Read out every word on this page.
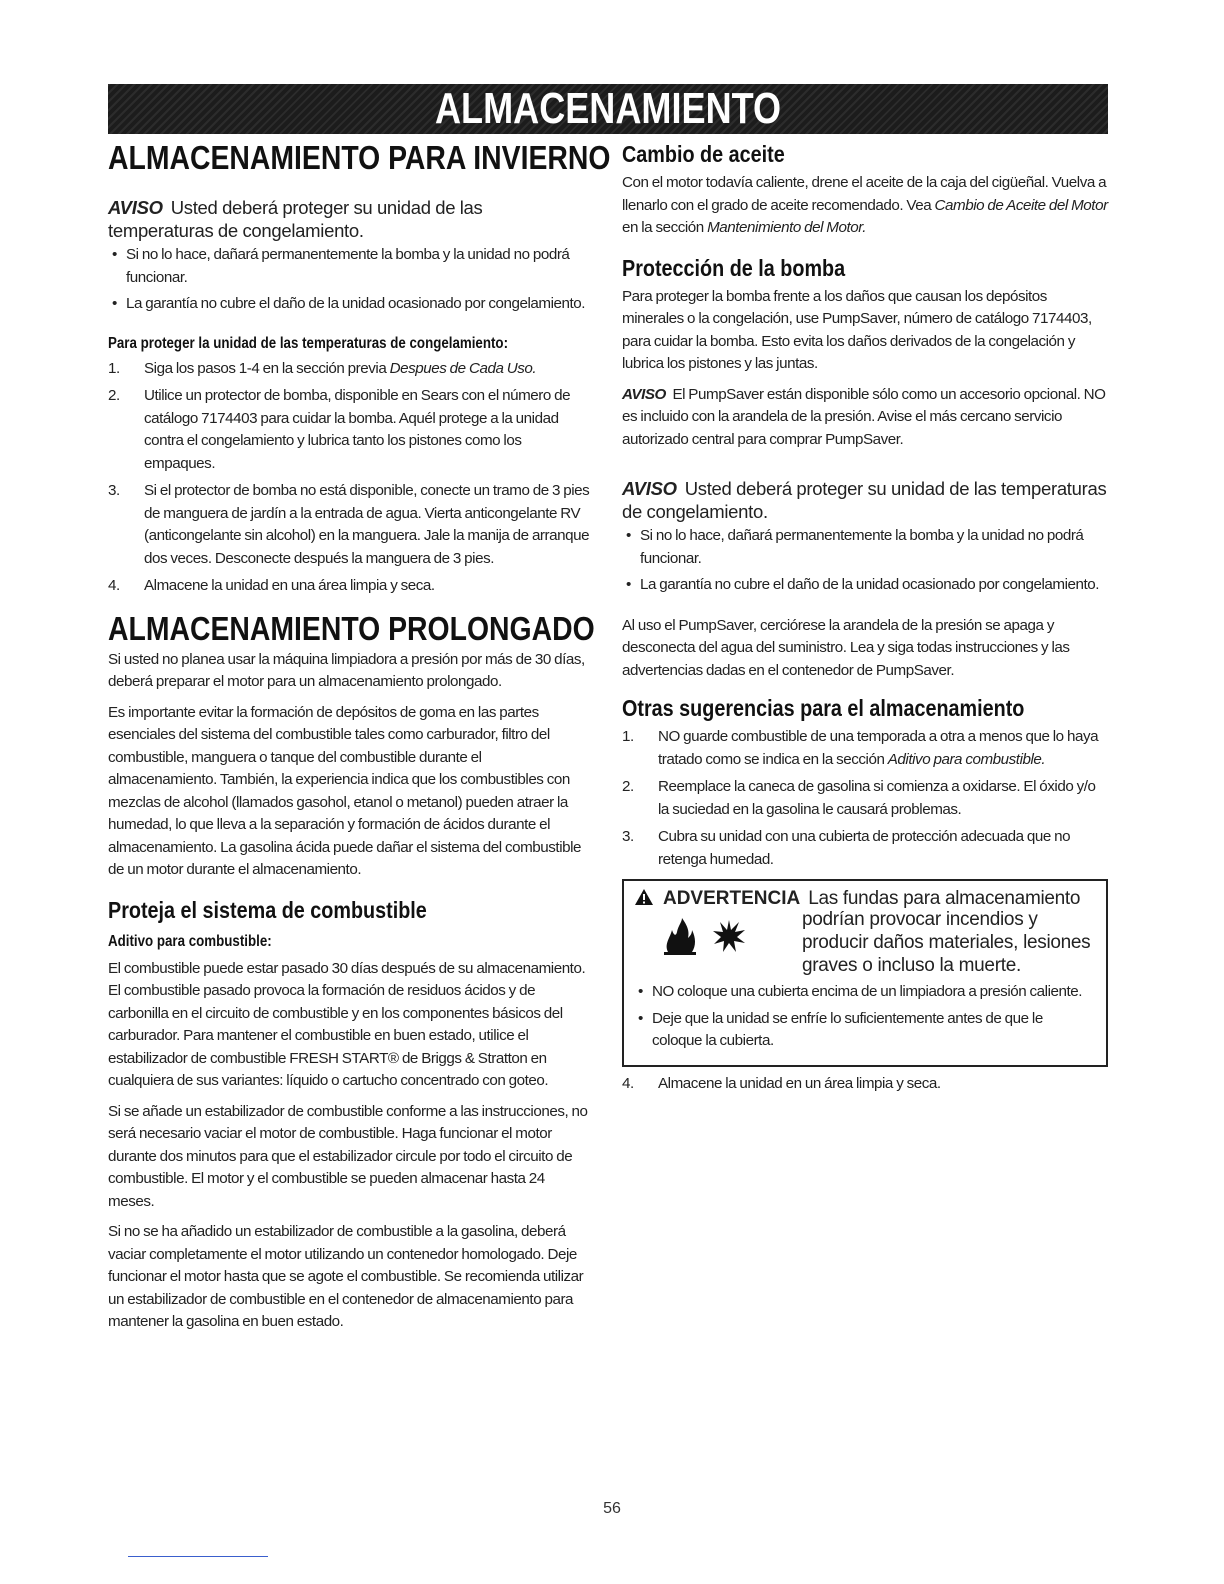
ALMACENAMIENTO
ALMACENAMIENTO PARA INVIERNO

AVISO Usted deberá proteger su unidad de las temperaturas de congelamiento.

• Si no lo hace, dañará permanentemente la bomba y la unidad no podrá funcionar.
• La garantía no cubre el daño de la unidad ocasionado por congelamiento.
Para proteger la unidad de las temperaturas de congelamiento:
1. Siga los pasos 1-4 en la sección previa Despues de Cada Uso.
2. Utilice un protector de bomba, disponible en Sears con el número de catálogo 7174403 para cuidar la bomba. Aquél protege a la unidad contra el congelamiento y lubrica tanto los pistones como los empaques.
3. Si el protector de bomba no está disponible, conecte un tramo de 3 pies de manguera de jardín a la entrada de agua. Vierta anticongelante RV (anticongelante sin alcohol) en la manguera. Jale la manija de arranque dos veces. Desconecte después la manguera de 3 pies.
4. Almacene la unidad en una área limpia y seca.
ALMACENAMIENTO PROLONGADO

Si usted no planea usar la máquina limpiadora a presión por más de 30 días, deberá preparar el motor para un almacenamiento prolongado.

Es importante evitar la formación de depósitos de goma en las partes esenciales del sistema del combustible tales como carburador, filtro del combustible, manguera o tanque del combustible durante el almacenamiento. También, la experiencia indica que los combustibles con mezclas de alcohol (llamados gasohol, etanol o metanol) pueden atraer la humedad, lo que lleva a la separación y formación de ácidos durante el almacenamiento. La gasolina ácida puede dañar el sistema del combustible de un motor durante el almacenamiento.

Proteja el sistema de combustible
Aditivo para combustible:

El combustible puede estar pasado 30 días después de su almacenamiento. El combustible pasado provoca la formación de residuos ácidos y de carbonilla en el circuito de combustible y en los componentes básicos del carburador. Para mantener el combustible en buen estado, utilice el estabilizador de combustible FRESH START® de Briggs & Stratton en cualquiera de sus variantes: líquido o cartucho concentrado con goteo.

Si se añade un estabilizador de combustible conforme a las instrucciones, no será necesario vaciar el motor de combustible. Haga funcionar el motor durante dos minutos para que el estabilizador circule por todo el circuito de combustible. El motor y el combustible se pueden almacenar hasta 24 meses.

Si no se ha añadido un estabilizador de combustible a la gasolina, deberá vaciar completamente el motor utilizando un contenedor homologado. Deje funcionar el motor hasta que se agote el combustible. Se recomienda utilizar un estabilizador de combustible en el contenedor de almacenamiento para mantener la gasolina en buen estado.

Cambio de aceite

Con el motor todavía caliente, drene el aceite de la caja del cigüeñal. Vuelva a llenarlo con el grado de aceite recomendado. Vea Cambio de Aceite del Motor en la sección Mantenimiento del Motor.

Protección de la bomba

Para proteger la bomba frente a los daños que causan los depósitos minerales o la congelación, use PumpSaver, número de catálogo 7174403, para cuidar la bomba. Esto evita los daños derivados de la congelación y lubrica los pistones y las juntas.

AVISO El PumpSaver están disponible sólo como un accesorio opcional. NO es incluido con la arandela de la presión. Avise el más cercano servicio autorizado central para comprar PumpSaver.

AVISO Usted deberá proteger su unidad de las temperaturas de congelamiento.

• Si no lo hace, dañará permanentemente la bomba y la unidad no podrá funcionar.
• La garantía no cubre el daño de la unidad ocasionado por congelamiento.

Al uso el PumpSaver, cerciórese la arandela de la presión se apaga y desconecta del agua del suministro. Lea y siga todas instrucciones y las advertencias dadas en el contenedor de PumpSaver.

Otras sugerencias para el almacenamiento
1. NO guarde combustible de una temporada a otra a menos que lo haya tratado como se indica en la sección Aditivo para combustible.
2. Reemplace la caneca de gasolina si comienza a oxidarse. El óxido y/o la suciedad en la gasolina le causará problemas.
3. Cubra su unidad con una cubierta de protección adecuada que no retenga humedad.
ADVERTENCIA Las fundas para almacenamiento
podrían provocar incendios y producir daños materiales, lesiones graves o incluso la muerte.
• NO coloque una cubierta encima de un limpiadora a presión caliente.
• Deje que la unidad se enfríe lo suficientemente antes de que le coloque la cubierta.
4. Almacene la unidad en un área limpia y seca.
56
